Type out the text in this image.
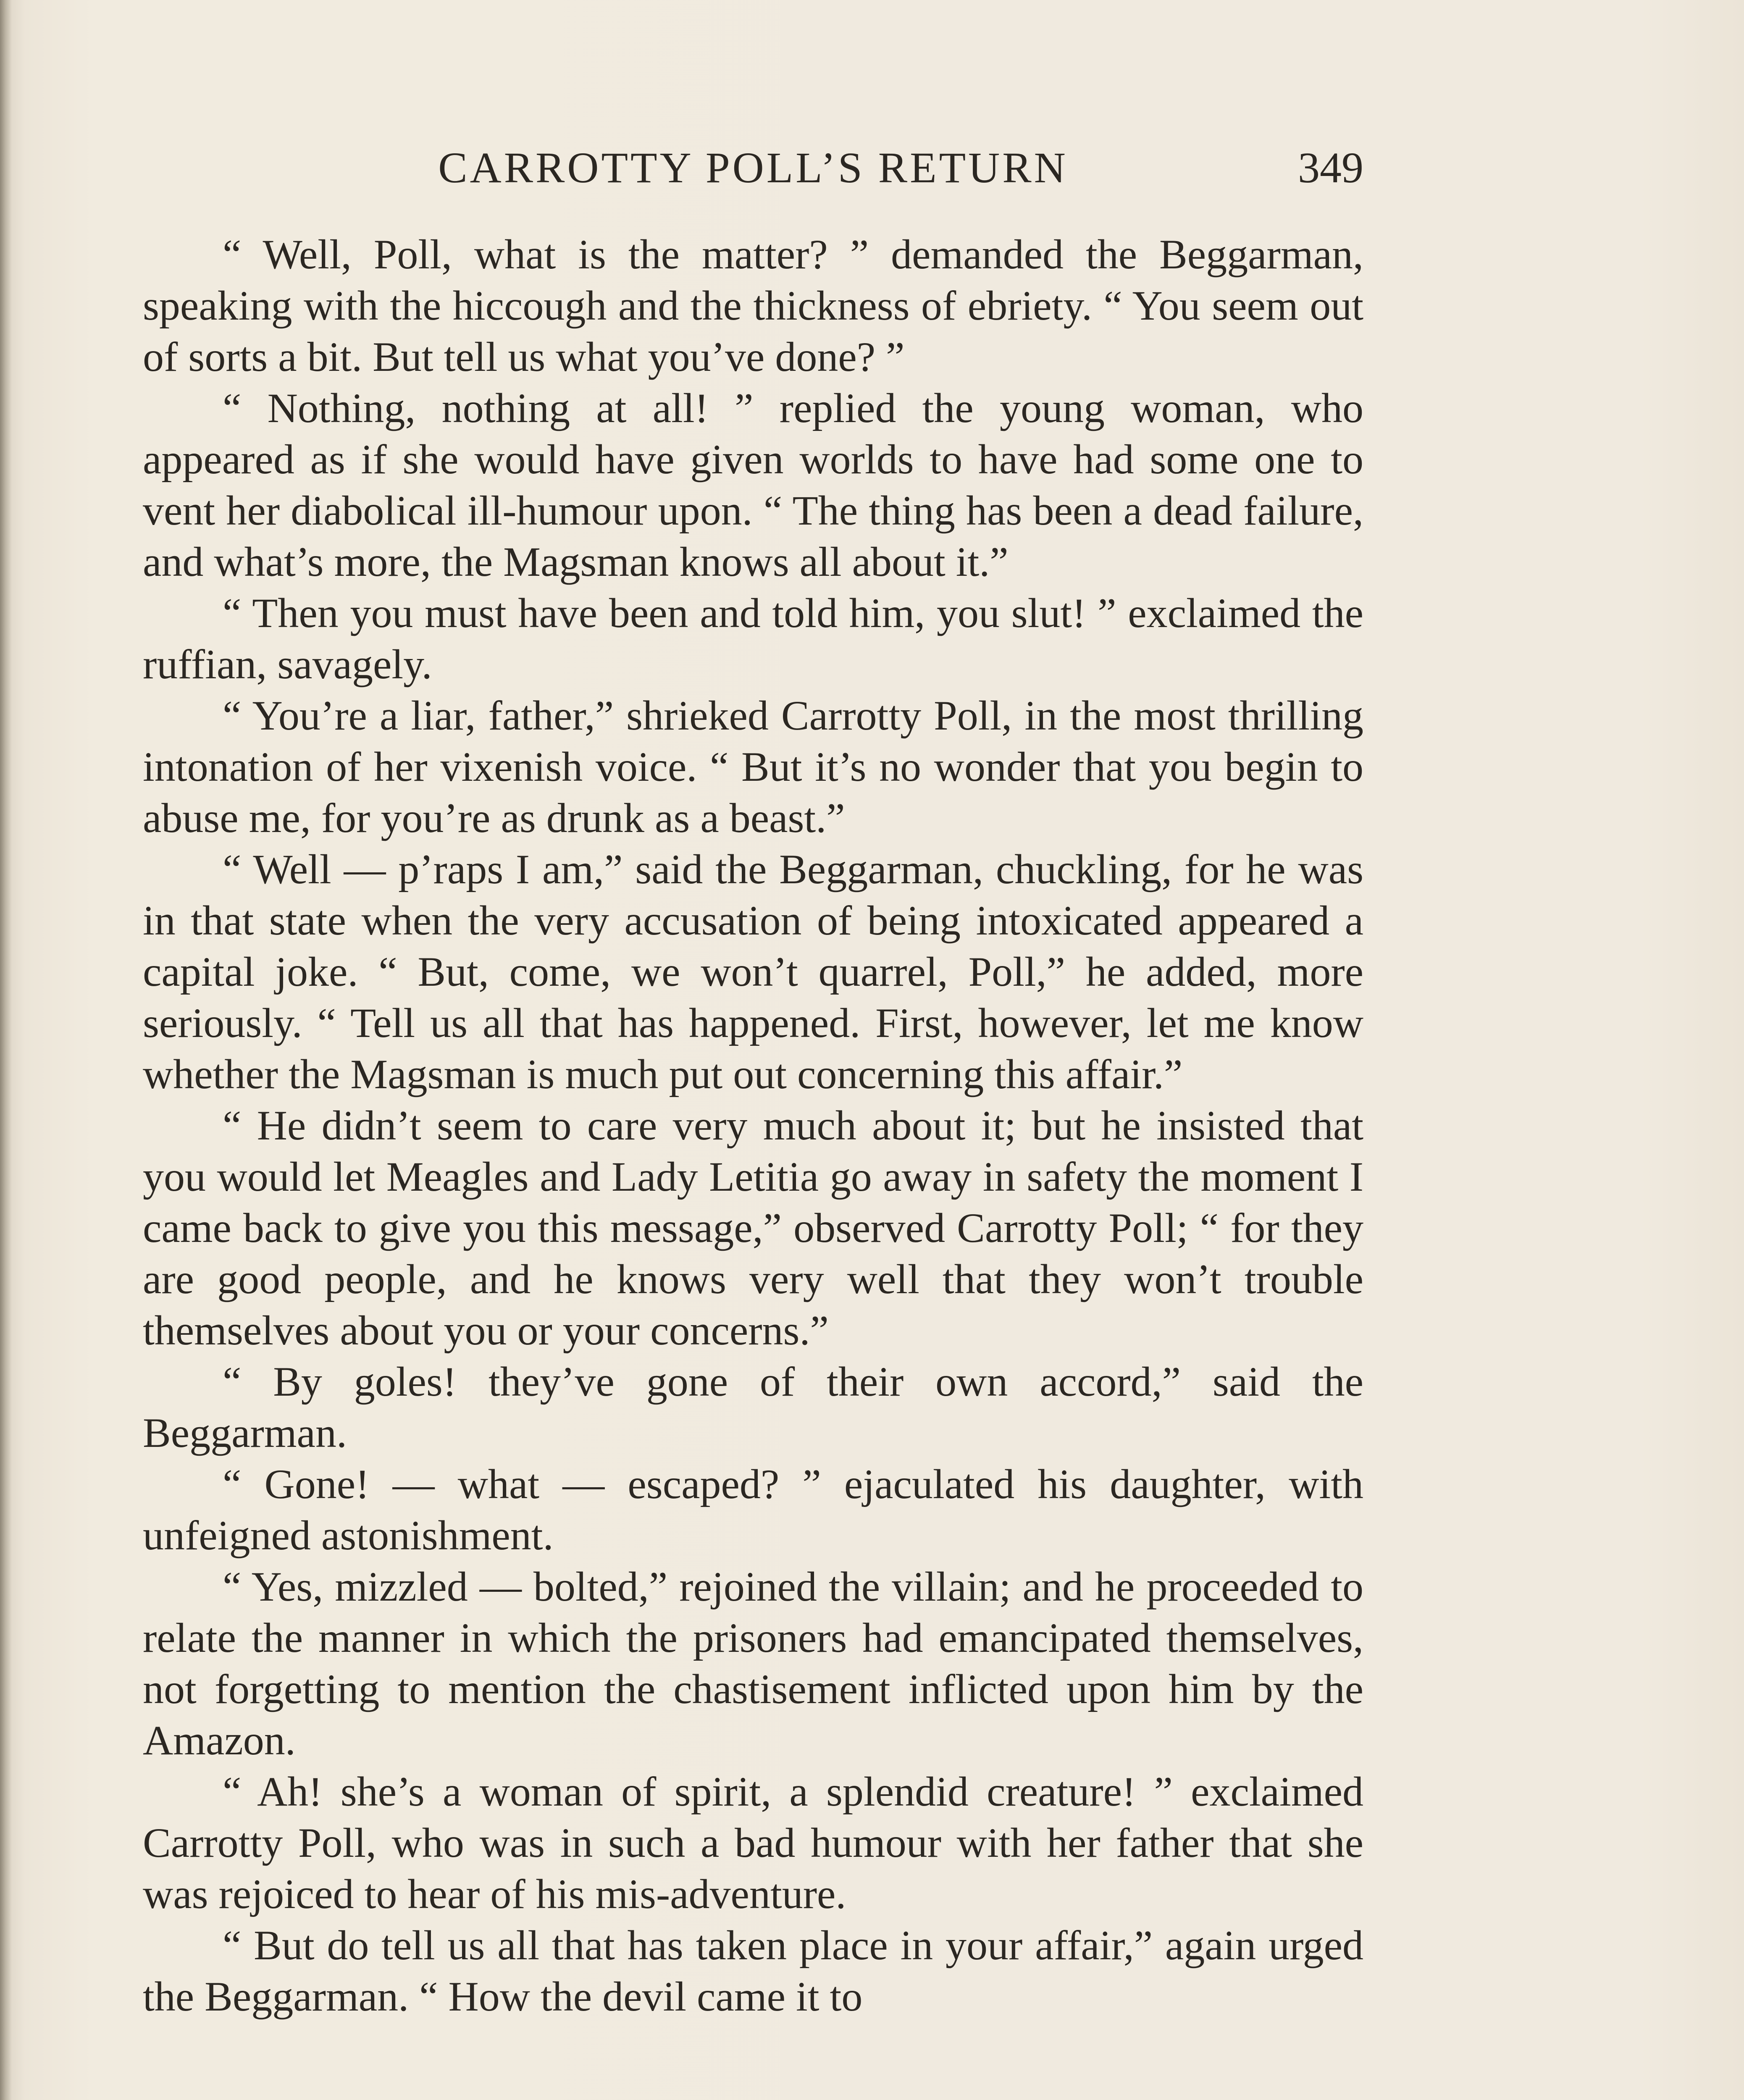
CARROTTY POLL’S RETURN	349

“ Well, Poll, what is the matter? ” demanded the Beggarman, speaking with the hiccough and the thickness of ebriety. “ You seem out of sorts a bit. But tell us what you’ve done? ”

“ Nothing, nothing at all! ” replied the young woman, who appeared as if she would have given worlds to have had some one to vent her diabolical ill-humour upon. “ The thing has been a dead failure, and what’s more, the Magsman knows all about it.”

“ Then you must have been and told him, you slut! ” exclaimed the ruffian, savagely.

“ You’re a liar, father,” shrieked Carrotty Poll, in the most thrilling intonation of her vixenish voice. “ But it’s no wonder that you begin to abuse me, for you’re as drunk as a beast.”

“ Well — p’raps I am,” said the Beggarman, chuckling, for he was in that state when the very accusation of being intoxicated appeared a capital joke. “ But, come, we won’t quarrel, Poll,” he added, more seriously. “ Tell us all that has happened. First, however, let me know whether the Magsman is much put out concerning this affair.”

“ He didn’t seem to care very much about it; but he insisted that you would let Meagles and Lady Letitia go away in safety the moment I came back to give you this message,” observed Carrotty Poll; “ for they are good people, and he knows very well that they won’t trouble themselves about you or your concerns.”

“ By goles! they’ve gone of their own accord,” said the Beggarman.

“ Gone! — what — escaped? ” ejaculated his daughter, with unfeigned astonishment.

“ Yes, mizzled — bolted,” rejoined the villain; and he proceeded to relate the manner in which the prisoners had emancipated themselves, not forgetting to mention the chastisement inflicted upon him by the Amazon.

“ Ah! she’s a woman of spirit, a splendid creature! ” exclaimed Carrotty Poll, who was in such a bad humour with her father that she was rejoiced to hear of his mis-adventure.

“ But do tell us all that has taken place in your affair,” again urged the Beggarman. “ How the devil came it to
